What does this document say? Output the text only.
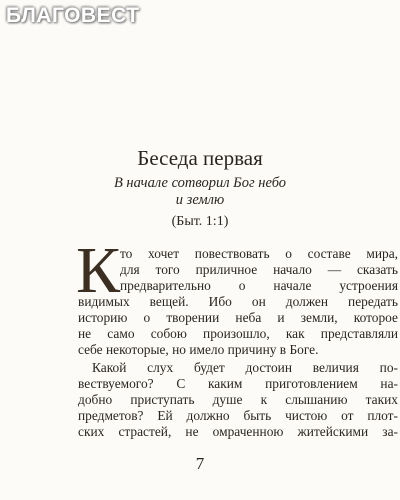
БЛАГОВЕСТ
Беседа первая
В начале сотворил Бог небо
и землю
(Быт. 1:1)
К то хочет повествовать о составе мира,
для того приличное начало — сказать
предварительно о начале устроения
видимых вещей. Ибо он должен передать
историю о творении неба и земли, которое
не само собою произошло, как представляли
себе некоторые, но имело причину в Боге.
Какой слух будет достоин величия по-
вествуемого? С каким приготовлением на-
добно приступать душе к слышанию таких
предметов? Ей должно быть чистою от плот-
ских страстей, не омраченною житейскими за-
7
